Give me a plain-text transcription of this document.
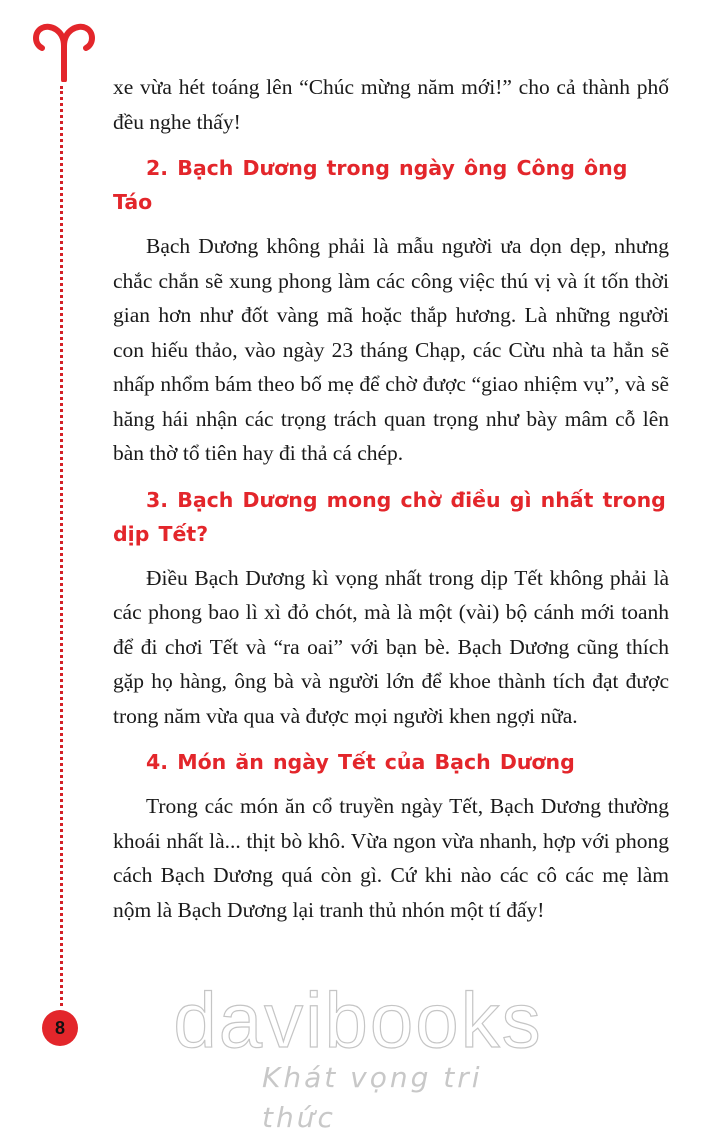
8

xe vừa hét toáng lên “Chúc mừng năm mới!” cho cả thành phố đều nghe thấy!

2. Bạch Dương trong ngày ông Công ông Táo

Bạch Dương không phải là mẫu người ưa dọn dẹp, nhưng chắc chắn sẽ xung phong làm các công việc thú vị và ít tốn thời gian hơn như đốt vàng mã hoặc thắp hương. Là những người con hiếu thảo, vào ngày 23 tháng Chạp, các Cừu nhà ta hẳn sẽ nhấp nhổm bám theo bố mẹ để chờ được “giao nhiệm vụ”, và sẽ hăng hái nhận các trọng trách quan trọng như bày mâm cỗ lên bàn thờ tổ tiên hay đi thả cá chép.

3. Bạch Dương mong chờ điều gì nhất trong dịp Tết?

Điều Bạch Dương kì vọng nhất trong dịp Tết không phải là các phong bao lì xì đỏ chót, mà là một (vài) bộ cánh mới toanh để đi chơi Tết và “ra oai” với bạn bè. Bạch Dương cũng thích gặp họ hàng, ông bà và người lớn để khoe thành tích đạt được trong năm vừa qua và được mọi người khen ngợi nữa.

4. Món ăn ngày Tết của Bạch Dương

Trong các món ăn cổ truyền ngày Tết, Bạch Dương thường khoái nhất là... thịt bò khô. Vừa ngon vừa nhanh, hợp với phong cách Bạch Dương quá còn gì. Cứ khi nào các cô các mẹ làm nộm là Bạch Dương lại tranh thủ nhón một tí đấy!

davibooks
Khát vọng tri thức
